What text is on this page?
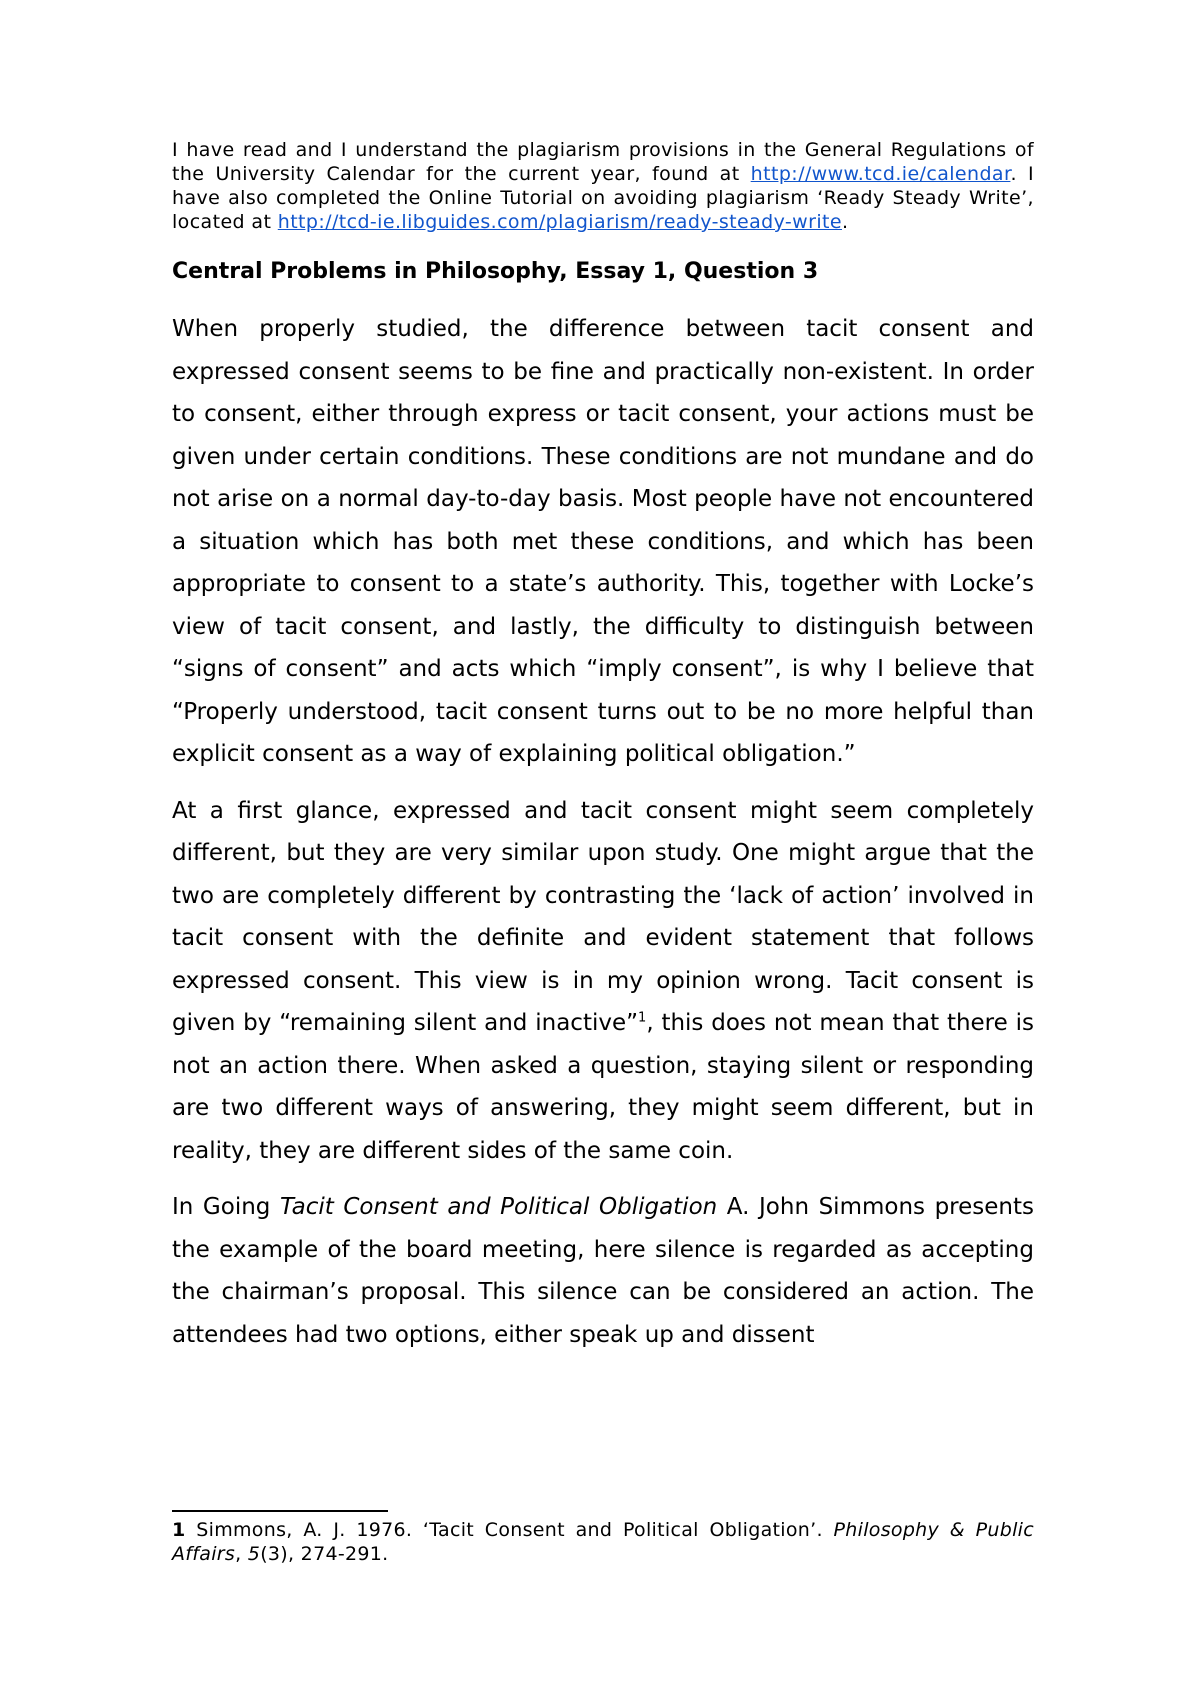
I have read and I understand the plagiarism provisions in the General Regulations of the University Calendar for the current year, found at http://www.tcd.ie/calendar. I have also completed the Online Tutorial on avoiding plagiarism ‘Ready Steady Write’, located at http://tcd-ie.libguides.com/plagiarism/ready-steady-write.

Central Problems in Philosophy, Essay 1, Question 3

When properly studied, the difference between tacit consent and expressed consent seems to be fine and practically non-existent. In order to consent, either through express or tacit consent, your actions must be given under certain conditions. These conditions are not mundane and do not arise on a normal day-to-day basis. Most people have not encountered a situation which has both met these conditions, and which has been appropriate to consent to a state’s authority. This, together with Locke’s view of tacit consent, and lastly, the difficulty to distinguish between “signs of consent” and acts which “imply consent”, is why I believe that “Properly understood, tacit consent turns out to be no more helpful than explicit consent as a way of explaining political obligation.”

At a first glance, expressed and tacit consent might seem completely different, but they are very similar upon study. One might argue that the two are completely different by contrasting the ‘lack of action’ involved in tacit consent with the definite and evident statement that follows expressed consent. This view is in my opinion wrong. Tacit consent is given by “remaining silent and inactive”$^1$, this does not mean that there is not an action there. When asked a question, staying silent or responding are two different ways of answering, they might seem different, but in reality, they are different sides of the same coin.

In Going Tacit Consent and Political Obligation A. John Simmons presents the example of the board meeting, here silence is regarded as accepting the chairman’s proposal. This silence can be considered an action. The attendees had two options, either speak up and dissent

1 Simmons, A. J. 1976. ‘Tacit Consent and Political Obligation’. Philosophy & Public Affairs, 5(3), 274-291.
